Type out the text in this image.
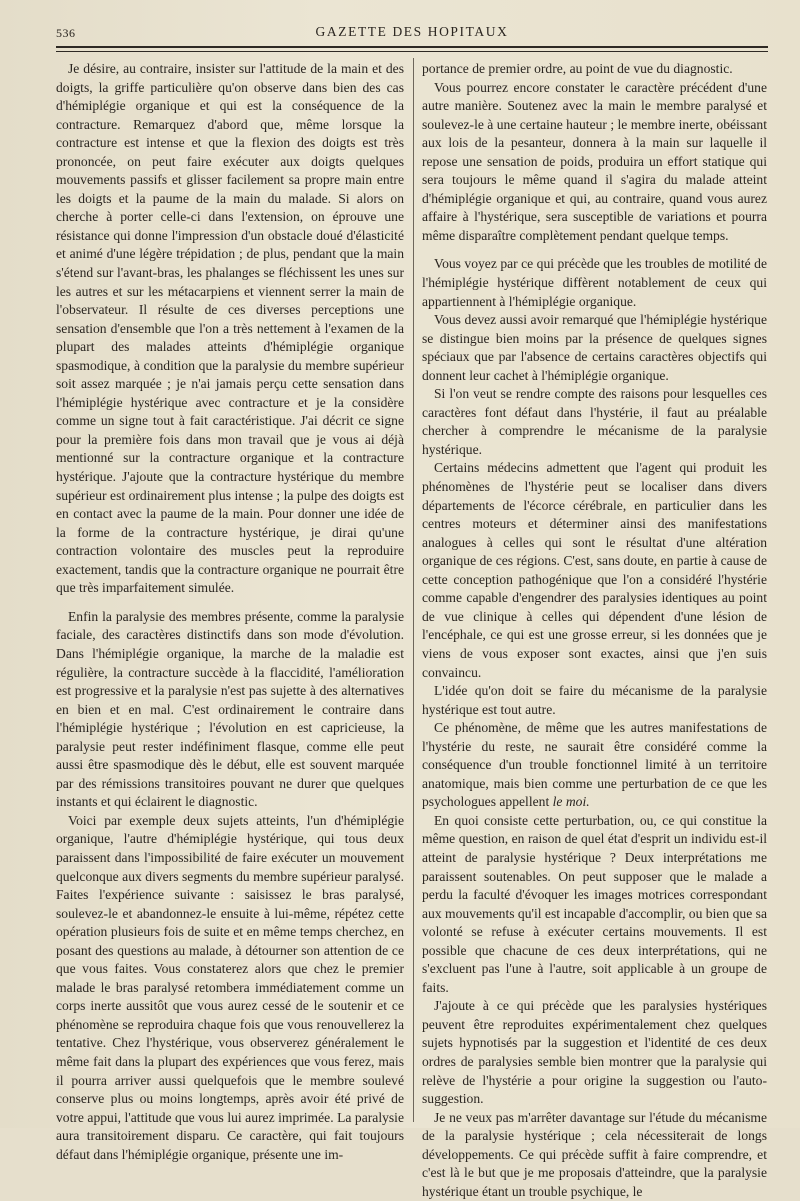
536	GAZETTE DES HOPITAUX

Je désire, au contraire, insister sur l'attitude de la main et des doigts, la griffe particulière qu'on observe dans bien des cas d'hémiplégie organique et qui est la conséquence de la contracture. Remarquez d'abord que, même lorsque la contracture est intense et que la flexion des doigts est très prononcée, on peut faire exécuter aux doigts quelques mouvements passifs et glisser facilement sa propre main entre les doigts et la paume de la main du malade. Si alors on cherche à porter celle-ci dans l'extension, on éprouve une résistance qui donne l'impression d'un obstacle doué d'élasticité et animé d'une légère trépidation ; de plus, pendant que la main s'étend sur l'avant-bras, les phalanges se fléchissent les unes sur les autres et sur les métacarpiens et viennent serrer la main de l'observateur. Il résulte de ces diverses perceptions une sensation d'ensemble que l'on a très nettement à l'examen de la plupart des malades atteints d'hémiplégie organique spasmodique, à condition que la paralysie du membre supérieur soit assez marquée ; je n'ai jamais perçu cette sensation dans l'hémiplégie hystérique avec contracture et je la considère comme un signe tout à fait caractéristique. J'ai décrit ce signe pour la première fois dans mon travail que je vous ai déjà mentionné sur la contracture organique et la contracture hystérique. J'ajoute que la contracture hystérique du membre supérieur est ordinairement plus intense ; la pulpe des doigts est en contact avec la paume de la main. Pour donner une idée de la forme de la contracture hystérique, je dirai qu'une contraction volontaire des muscles peut la reproduire exactement, tandis que la contracture organique ne pourrait être que très imparfaitement simulée.

Enfin la paralysie des membres présente, comme la paralysie faciale, des caractères distinctifs dans son mode d'évolution. Dans l'hémiplégie organique, la marche de la maladie est régulière, la contracture succède à la flaccidité, l'amélioration est progressive et la paralysie n'est pas sujette à des alternatives en bien et en mal. C'est ordinairement le contraire dans l'hémiplégie hystérique ; l'évolution en est capricieuse, la paralysie peut rester indéfiniment flasque, comme elle peut aussi être spasmodique dès le début, elle est souvent marquée par des rémissions transitoires pouvant ne durer que quelques instants et qui éclairent le diagnostic.

Voici par exemple deux sujets atteints, l'un d'hémiplégie organique, l'autre d'hémiplégie hystérique, qui tous deux paraissent dans l'impossibilité de faire exécuter un mouvement quelconque aux divers segments du membre supérieur paralysé. Faites l'expérience suivante : saisissez le bras paralysé, soulevez-le et abandonnez-le ensuite à lui-même, répétez cette opération plusieurs fois de suite et en même temps cherchez, en posant des questions au malade, à détourner son attention de ce que vous faites. Vous constaterez alors que chez le premier malade le bras paralysé retombera immédiatement comme un corps inerte aussitôt que vous aurez cessé de le soutenir et ce phénomène se reproduira chaque fois que vous renouvellerez la tentative. Chez l'hystérique, vous observerez généralement le même fait dans la plupart des expériences que vous ferez, mais il pourra arriver aussi quelquefois que le membre soulevé conserve plus ou moins longtemps, après avoir été privé de votre appui, l'attitude que vous lui aurez imprimée. La paralysie aura transitoirement disparu. Ce caractère, qui fait toujours défaut dans l'hémiplégie organique, présente une im-

portance de premier ordre, au point de vue du diagnostic.

Vous pourrez encore constater le caractère précédent d'une autre manière. Soutenez avec la main le membre paralysé et soulevez-le à une certaine hauteur ; le membre inerte, obéissant aux lois de la pesanteur, donnera à la main sur laquelle il repose une sensation de poids, produira un effort statique qui sera toujours le même quand il s'agira du malade atteint d'hémiplégie organique et qui, au contraire, quand vous aurez affaire à l'hystérique, sera susceptible de variations et pourra même disparaître complètement pendant quelque temps.

Vous voyez par ce qui précède que les troubles de motilité de l'hémiplégie hystérique diffèrent notablement de ceux qui appartiennent à l'hémiplégie organique.

Vous devez aussi avoir remarqué que l'hémiplégie hystérique se distingue bien moins par la présence de quelques signes spéciaux que par l'absence de certains caractères objectifs qui donnent leur cachet à l'hémiplégie organique.

Si l'on veut se rendre compte des raisons pour lesquelles ces caractères font défaut dans l'hystérie, il faut au préalable chercher à comprendre le mécanisme de la paralysie hystérique.

Certains médecins admettent que l'agent qui produit les phénomènes de l'hystérie peut se localiser dans divers départements de l'écorce cérébrale, en particulier dans les centres moteurs et déterminer ainsi des manifestations analogues à celles qui sont le résultat d'une altération organique de ces régions. C'est, sans doute, en partie à cause de cette conception pathogénique que l'on a considéré l'hystérie comme capable d'engendrer des paralysies identiques au point de vue clinique à celles qui dépendent d'une lésion de l'encéphale, ce qui est une grosse erreur, si les données que je viens de vous exposer sont exactes, ainsi que j'en suis convaincu.

L'idée qu'on doit se faire du mécanisme de la paralysie hystérique est tout autre.

Ce phénomène, de même que les autres manifestations de l'hystérie du reste, ne saurait être considéré comme la conséquence d'un trouble fonctionnel limité à un territoire anatomique, mais bien comme une perturbation de ce que les psychologues appellent le moi.

En quoi consiste cette perturbation, ou, ce qui constitue la même question, en raison de quel état d'esprit un individu est-il atteint de paralysie hystérique ? Deux interprétations me paraissent soutenables. On peut supposer que le malade a perdu la faculté d'évoquer les images motrices correspondant aux mouvements qu'il est incapable d'accomplir, ou bien que sa volonté se refuse à exécuter certains mouvements. Il est possible que chacune de ces deux interprétations, qui ne s'excluent pas l'une à l'autre, soit applicable à un groupe de faits.

J'ajoute à ce qui précède que les paralysies hystériques peuvent être reproduites expérimentalement chez quelques sujets hypnotisés par la suggestion et l'identité de ces deux ordres de paralysies semble bien montrer que la paralysie qui relève de l'hystérie a pour origine la suggestion ou l'auto-suggestion.

Je ne veux pas m'arrêter davantage sur l'étude du mécanisme de la paralysie hystérique ; cela nécessiterait de longs développements. Ce qui précède suffit à faire comprendre, et c'est là le but que je me proposais d'atteindre, que la paralysie hystérique étant un trouble psychique, le
